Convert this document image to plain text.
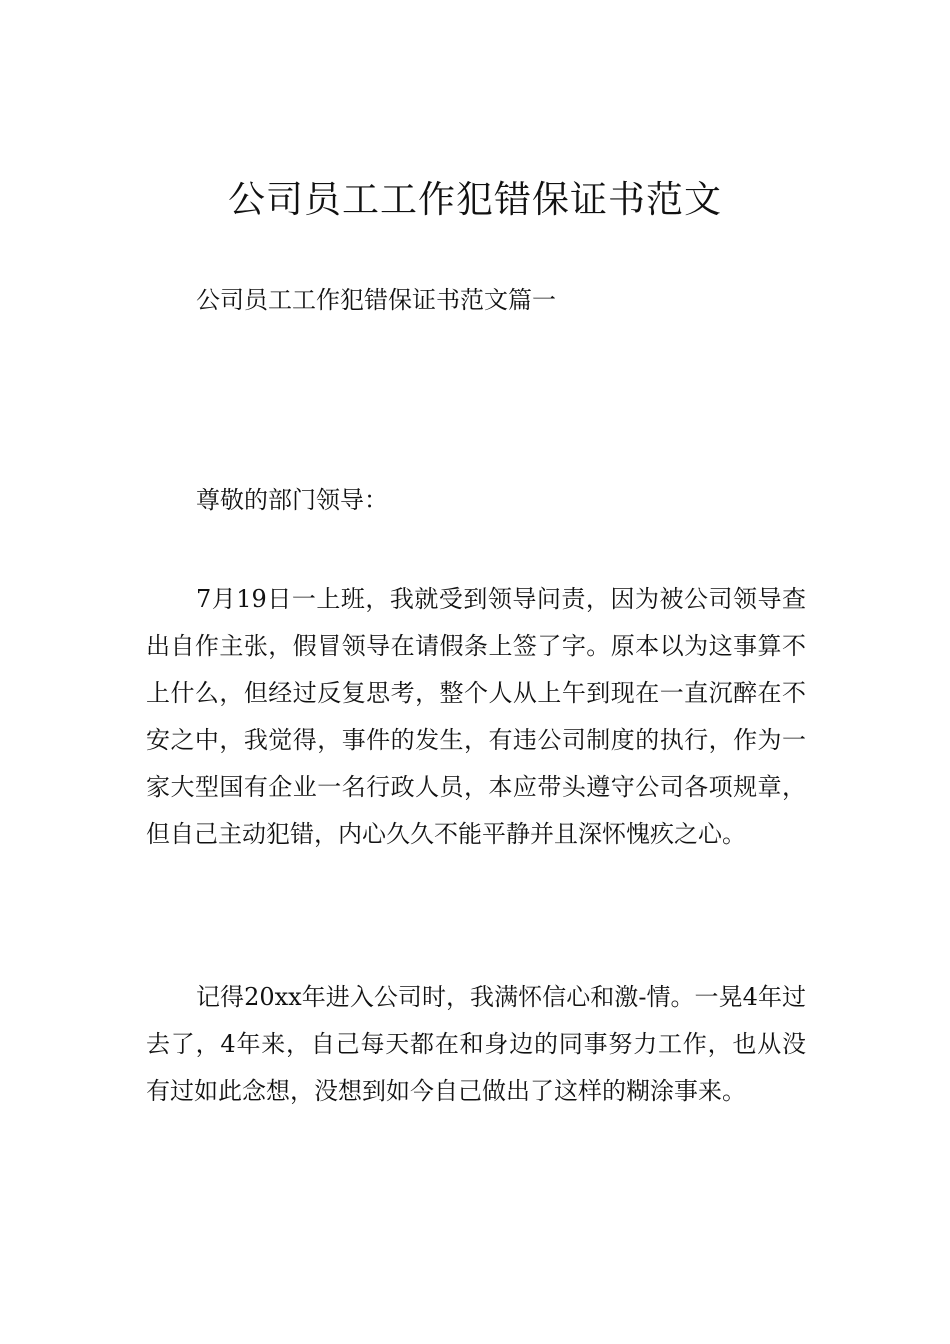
公司员工工作犯错保证书范文
公司员工工作犯错保证书范文篇一

尊敬的部门领导：

7月19日一上班，我就受到领导问责，因为被公司领导查出自作主张，假冒领导在请假条上签了字。原本以为这事算不上什么，但经过反复思考，整个人从上午到现在一直沉醉在不安之中，我觉得，事件的发生，有违公司制度的执行，作为一家大型国有企业一名行政人员，本应带头遵守公司各项规章，但自己主动犯错，内心久久不能平静并且深怀愧疚之心。

记得20xx年进入公司时，我满怀信心和激-情。一晃4年过去了，4年来，自己每天都在和身边的同事努力工作，也从没有过如此念想，没想到如今自己做出了这样的糊涂事来。
